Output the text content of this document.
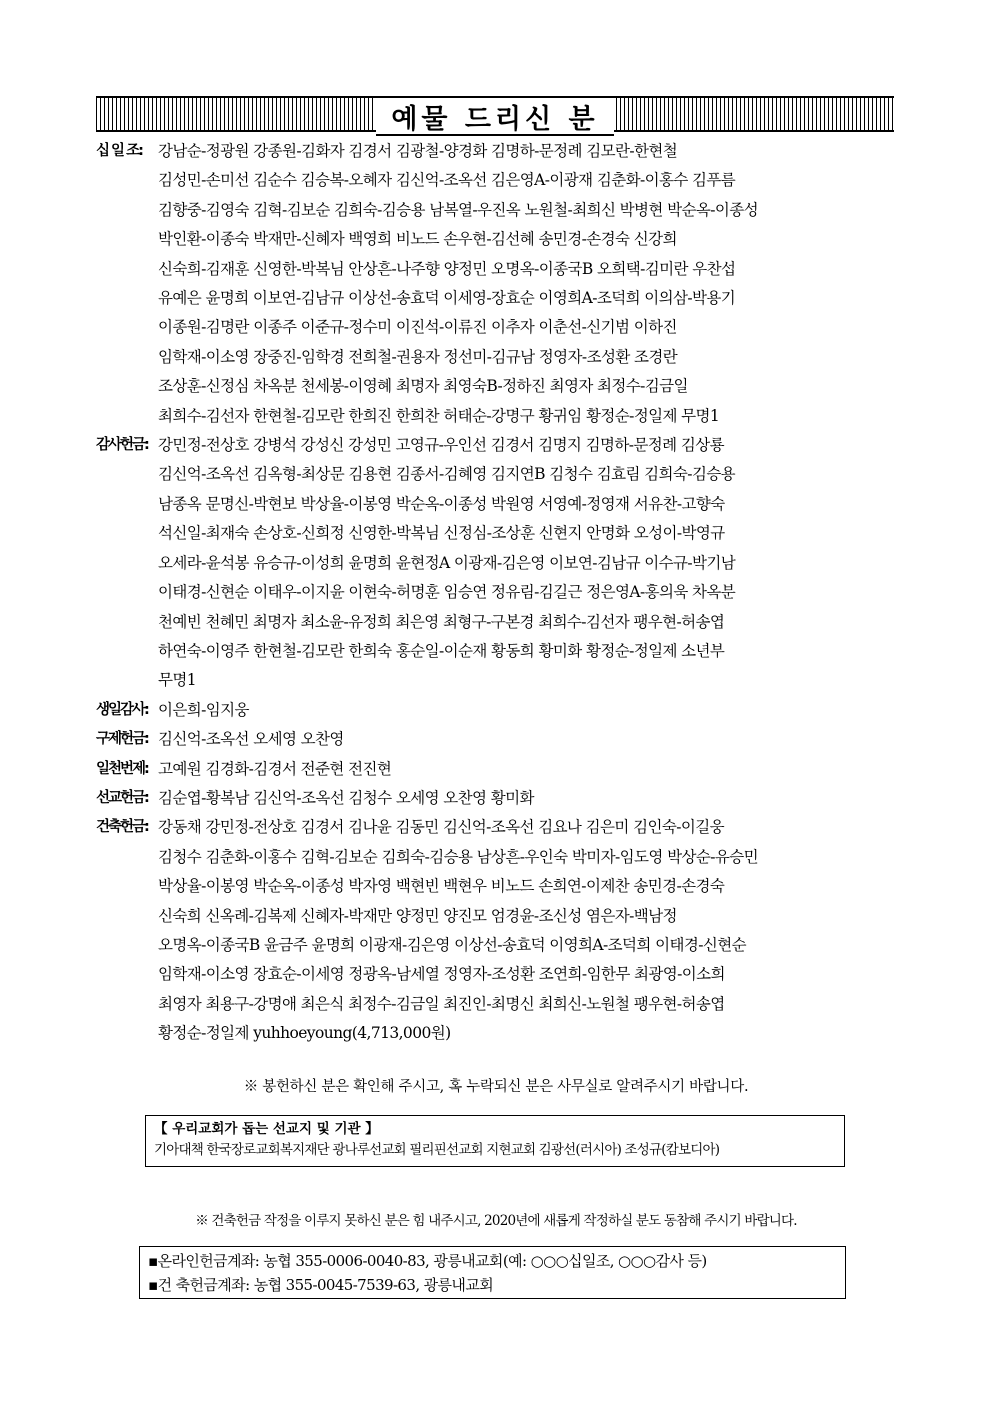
예물 드리신 분
십 일 조:	강남순-정광원 강종원-김화자 김경서 김광철-양경화 김명하-문정례 김모란-한현철
김성민-손미선 김순수 김승복-오혜자 김신억-조옥선 김은영A-이광재 김춘화-이홍수 김푸름
김향중-김영숙 김혁-김보순 김희숙-김승용 남복열-우진옥 노원철-최희신 박병현 박순옥-이종성
박인환-이종숙 박재만-신혜자 백영희 비노드 손우현-김선혜 송민경-손경숙 신강희
신숙희-김재훈 신영한-박복님 안상흔-나주향 양정민 오명옥-이종국B 오희택-김미란 우찬섭
유예은 윤명희 이보연-김남규 이상선-송효덕 이세영-장효순 이영희A-조덕희 이의삼-박용기
이종원-김명란 이종주 이준규-정수미 이진석-이류진 이추자 이춘선-신기범 이하진
임학재-이소영 장중진-임학경 전희철-권용자 정선미-김규남 정영자-조성환 조경란
조상훈-신정심 차옥분 천세봉-이영혜 최명자 최영숙B-정하진 최영자 최정수-김금일
최희수-김선자 한현철-김모란 한희진 한희찬 허태순-강명구 황귀임 황정순-정일제 무명1
감사헌금: 강민정-전상호 강병석 강성신 강성민 고영규-우인선 김경서 김명지 김명하-문정례 김상룡
김신억-조옥선 김옥형-최상문 김용현 김종서-김혜영 김지연B 김청수 김효림 김희숙-김승용
남종옥 문명신-박현보 박상율-이봉영 박순옥-이종성 박원영 서영예-정영재 서유찬-고향숙
석신일-최재숙 손상호-신희정 신영한-박복님 신정심-조상훈 신현지 안명화 오성이-박영규
오세라-윤석봉 유승규-이성희 윤명희 윤현정A 이광재-김은영 이보연-김남규 이수규-박기남
이태경-신현순 이태우-이지윤 이현숙-허명훈 임승연 정유림-김길근 정은영A-홍의욱 차옥분
천예빈 천혜민 최명자 최소윤-유정희 최은영 최형구-구본경 최희수-김선자 팽우현-허송엽
하연숙-이영주 한현철-김모란 한희숙 홍순일-이순재 황동희 황미화 황정순-정일제 소년부
무명1
생일감사: 이은희-임지웅
구제헌금: 김신억-조옥선 오세영 오찬영
일천번제: 고예원 김경화-김경서 전준현 전진현
선교헌금: 김순엽-황복남 김신억-조옥선 김청수 오세영 오찬영 황미화
건축헌금: 강동채 강민정-전상호 김경서 김나윤 김동민 김신억-조옥선 김요나 김은미 김인숙-이길웅
김청수 김춘화-이홍수 김혁-김보순 김희숙-김승용 남상흔-우인숙 박미자-임도영 박상순-유승민
박상율-이봉영 박순옥-이종성 박자영 백현빈 백현우 비노드 손희연-이제찬 송민경-손경숙
신숙희 신옥례-김복제 신혜자-박재만 양정민 양진모 엄경윤-조신성 염은자-백남정
오명옥-이종국B 윤금주 윤명희 이광재-김은영 이상선-송효덕 이영희A-조덕희 이태경-신현순
임학재-이소영 장효순-이세영 정광옥-남세열 정영자-조성환 조연희-임한무 최광영-이소희
최영자 최용구-강명애 최은식 최정수-김금일 최진인-최명신 최희신-노원철 팽우현-허송엽
황정순-정일제 yuhhoeyoung(4,713,000원)
※ 봉헌하신 분은 확인해 주시고, 혹 누락되신 분은 사무실로 알려주시기 바랍니다.
【 우리교회가 돕는 선교지 및 기관 】
기아대책 한국장로교회복지재단 광나루선교회 필리핀선교회 지현교회 김광선(러시아) 조성규(캄보디아)
※ 건축헌금 작정을 이루지 못하신 분은 힘 내주시고, 2020년에 새롭게 작정하실 분도 동참해 주시기 바랍니다.
▪온라인헌금계좌: 농협 355-0006-0040-83, 광릉내교회(예: ○○○십일조, ○○○감사 등)
▪건 축헌금계좌: 농협 355-0045-7539-63, 광릉내교회
